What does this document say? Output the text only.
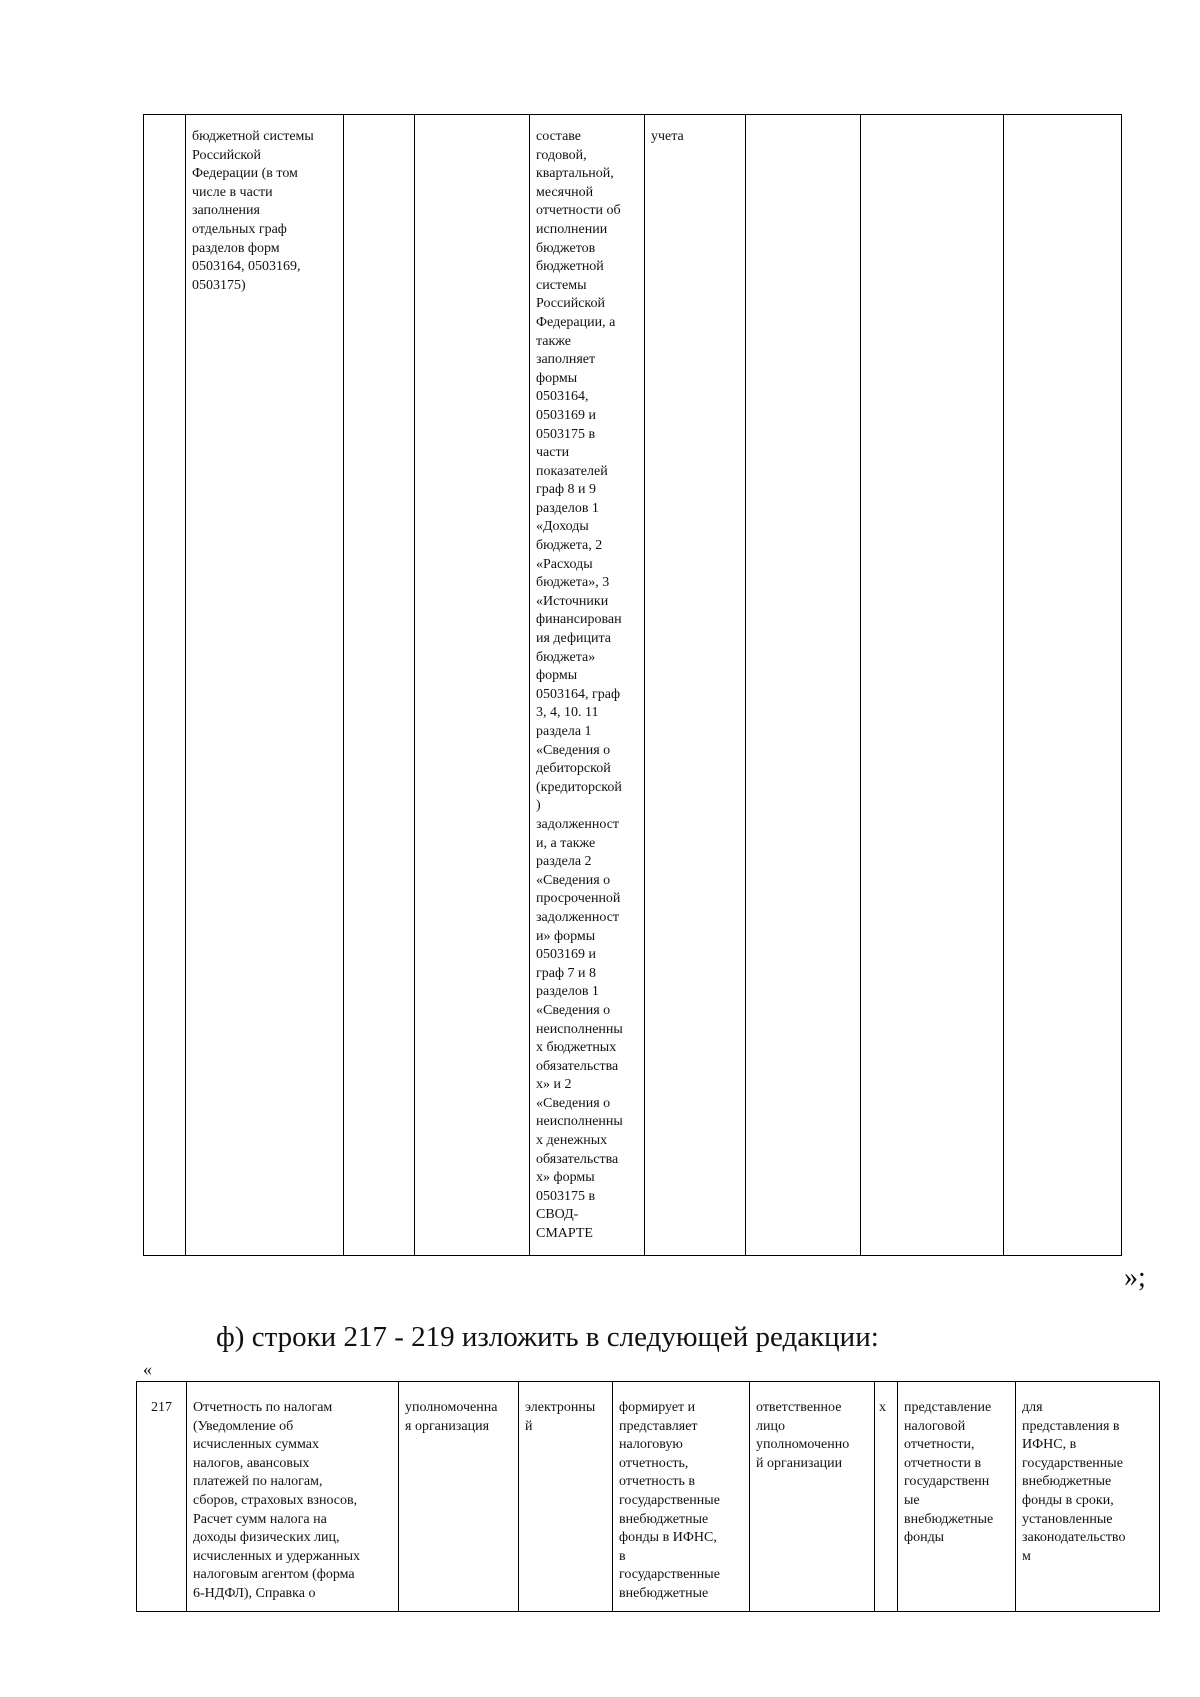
бюджетной системы
Российской
Федерации (в том
числе в части
заполнения
отдельных граф
разделов форм
0503164, 0503169,
0503175)
составе
годовой,
квартальной,
месячной
отчетности об
исполнении
бюджетов
бюджетной
системы
Российской
Федерации, а
также
заполняет
формы
0503164,
0503169 и
0503175 в
части
показателей
граф 8 и 9
разделов 1
«Доходы
бюджета, 2
«Расходы
бюджета», 3
«Источники
финансирован
ия дефицита
бюджета»
формы
0503164, граф
3, 4, 10. 11
раздела 1
«Сведения о
дебиторской
(кредиторской
)
задолженност
и, а также
раздела 2
«Сведения о
просроченной
задолженност
и» формы
0503169 и
граф 7 и 8
разделов 1
«Сведения о
неисполненны
х бюджетных
обязательства
х» и 2
«Сведения о
неисполненны
х денежных
обязательства
х» формы
0503175 в
СВОД-
СМАРТЕ
учета
»;
ф) строки 217 - 219 изложить в следующей редакции:
«
217	Отчетность по налогам
(Уведомление об
исчисленных суммах
налогов, авансовых
платежей по налогам,
сборов, страховых взносов,
Расчет сумм налога на
доходы физических лиц,
исчисленных и удержанных
налоговым агентом (форма
6-НДФЛ), Справка о
уполномоченна
я организация
электронны
й
формирует и
представляет
налоговую
отчетность,
отчетность в
государственные
внебюджетные
фонды в ИФНС,
в
государственные
внебюджетные
ответственное
лицо
уполномоченно
й организации
x	представление
налоговой
отчетности,
отчетности в
государственн
ые
внебюджетные
фонды
для
представления в
ИФНС, в
государственные
внебюджетные
фонды в сроки,
установленные
законодательство
м
